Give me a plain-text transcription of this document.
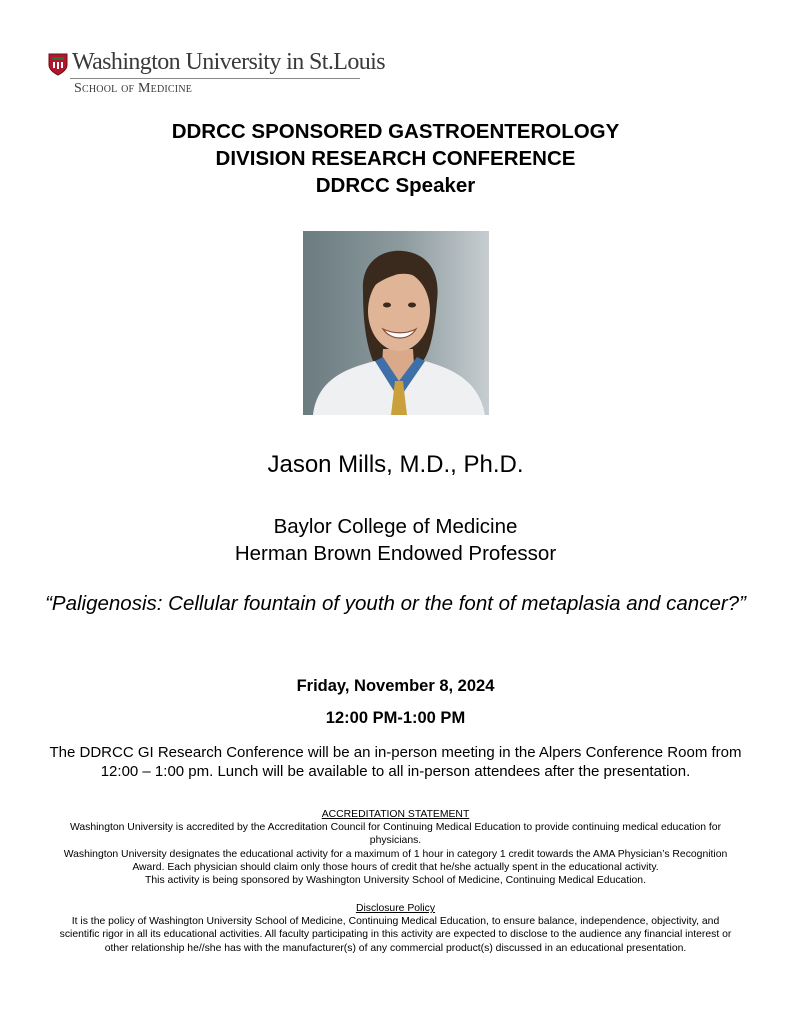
Washington University in St.Louis
School of Medicine
DDRCC SPONSORED GASTROENTEROLOGY
DIVISION RESEARCH CONFERENCE
DDRCC Speaker
Jason Mills, M.D., Ph.D.
Baylor College of Medicine
Herman Brown Endowed Professor
“Paligenosis: Cellular fountain of youth or the font of metaplasia and cancer?”
Friday, November 8, 2024
12:00 PM-1:00 PM
The DDRCC GI Research Conference will be an in-person meeting in the Alpers Conference Room from 12:00 – 1:00 pm. Lunch will be available to all in-person attendees after the presentation.
ACCREDITATION STATEMENT
Washington University is accredited by the Accreditation Council for Continuing Medical Education to provide continuing medical education for physicians.
Washington University designates the educational activity for a maximum of 1 hour in category 1 credit towards the AMA Physician’s Recognition Award. Each physician should claim only those hours of credit that he/she actually spent in the educational activity.
This activity is being sponsored by Washington University School of Medicine, Continuing Medical Education.
Disclosure Policy
It is the policy of Washington University School of Medicine, Continuing Medical Education, to ensure balance, independence, objectivity, and scientific rigor in all its educational activities. All faculty participating in this activity are expected to disclose to the audience any financial interest or other relationship he//she has with the manufacturer(s) of any commercial product(s) discussed in an educational presentation.
